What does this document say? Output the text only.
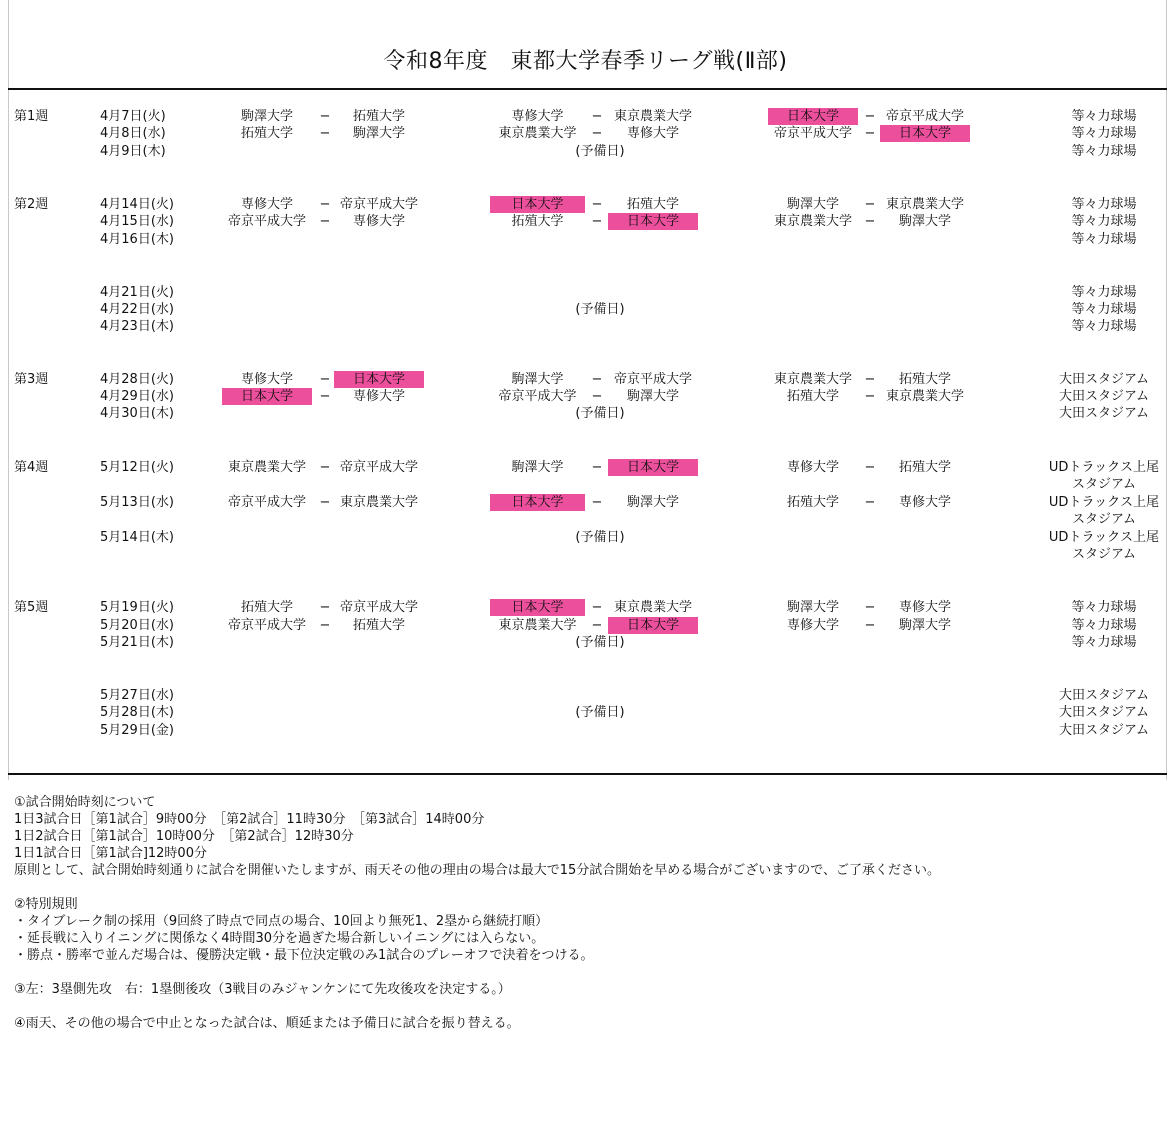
令和8年度　東都大学春季リーグ戦(Ⅱ部)
第1週	4月7日(火)	駒澤大学	−	拓殖大学	専修大学	− 東京農業大学	日本大学	− 帝京平成大学	等々力球場
4月8日(水)	拓殖大学	−	駒澤大学	東京農業大学	−	専修大学	帝京平成大学 −	日本大学	等々力球場
4月9日(木)	(予備日)	等々力球場
第2週	4月14日(火)	専修大学	− 帝京平成大学	日本大学	−	拓殖大学	駒澤大学	− 東京農業大学	等々力球場
4月15日(水)	帝京平成大学	−	専修大学	拓殖大学	−	日本大学	東京農業大学 −	駒澤大学	等々力球場
4月16日(木)	等々力球場
4月21日(火)	等々力球場
4月22日(水)	(予備日)	等々力球場
4月23日(木)	等々力球場
第3週	4月28日(火)	専修大学	−	日本大学	駒澤大学	− 帝京平成大学	東京農業大学 −	拓殖大学	大田スタジアム
4月29日(水)	日本大学	−	専修大学	帝京平成大学	−	駒澤大学	拓殖大学	− 東京農業大学	大田スタジアム
4月30日(木)	(予備日)	大田スタジアム
第4週	5月12日(火)	東京農業大学	− 帝京平成大学	駒澤大学	−	日本大学	専修大学	−	拓殖大学	UDトラックス上尾
スタジアム
5月13日(水)	帝京平成大学	− 東京農業大学	日本大学	−	駒澤大学	拓殖大学	−	専修大学	UDトラックス上尾
スタジアム
5月14日(木)	(予備日)	UDトラックス上尾
スタジアム
第5週	5月19日(火)	拓殖大学	− 帝京平成大学	日本大学	− 東京農業大学	駒澤大学	−	専修大学	等々力球場
5月20日(水)	帝京平成大学	−	拓殖大学	東京農業大学	−	日本大学	専修大学	−	駒澤大学	等々力球場
5月21日(木)	(予備日)	等々力球場
5月27日(水)	大田スタジアム
5月28日(木)	(予備日)	大田スタジアム
5月29日(金)	大田スタジアム
①試合開始時刻について
1日3試合日［第1試合］9時00分　［第2試合］11時30分　［第3試合］14時00分
1日2試合日［第1試合］10時00分　［第2試合］12時30分
1日1試合日［第1試合]12時00分
原則として、試合開始時刻通りに試合を開催いたしますが、雨天その他の理由の場合は最大で15分試合開始を早める場合がございますので、ご了承ください。
②特別規則
・タイブレーク制の採用（9回終了時点で同点の場合、10回より無死1、2塁から継続打順）
・延長戦に入りイニングに関係なく4時間30分を過ぎた場合新しいイニングには入らない。
・勝点・勝率で並んだ場合は、優勝決定戦・最下位決定戦のみ1試合のプレーオフで決着をつける。
③左：3塁側先攻　右：1塁側後攻（3戦目のみジャンケンにて先攻後攻を決定する。）
④雨天、その他の場合で中止となった試合は、順延または予備日に試合を振り替える。
